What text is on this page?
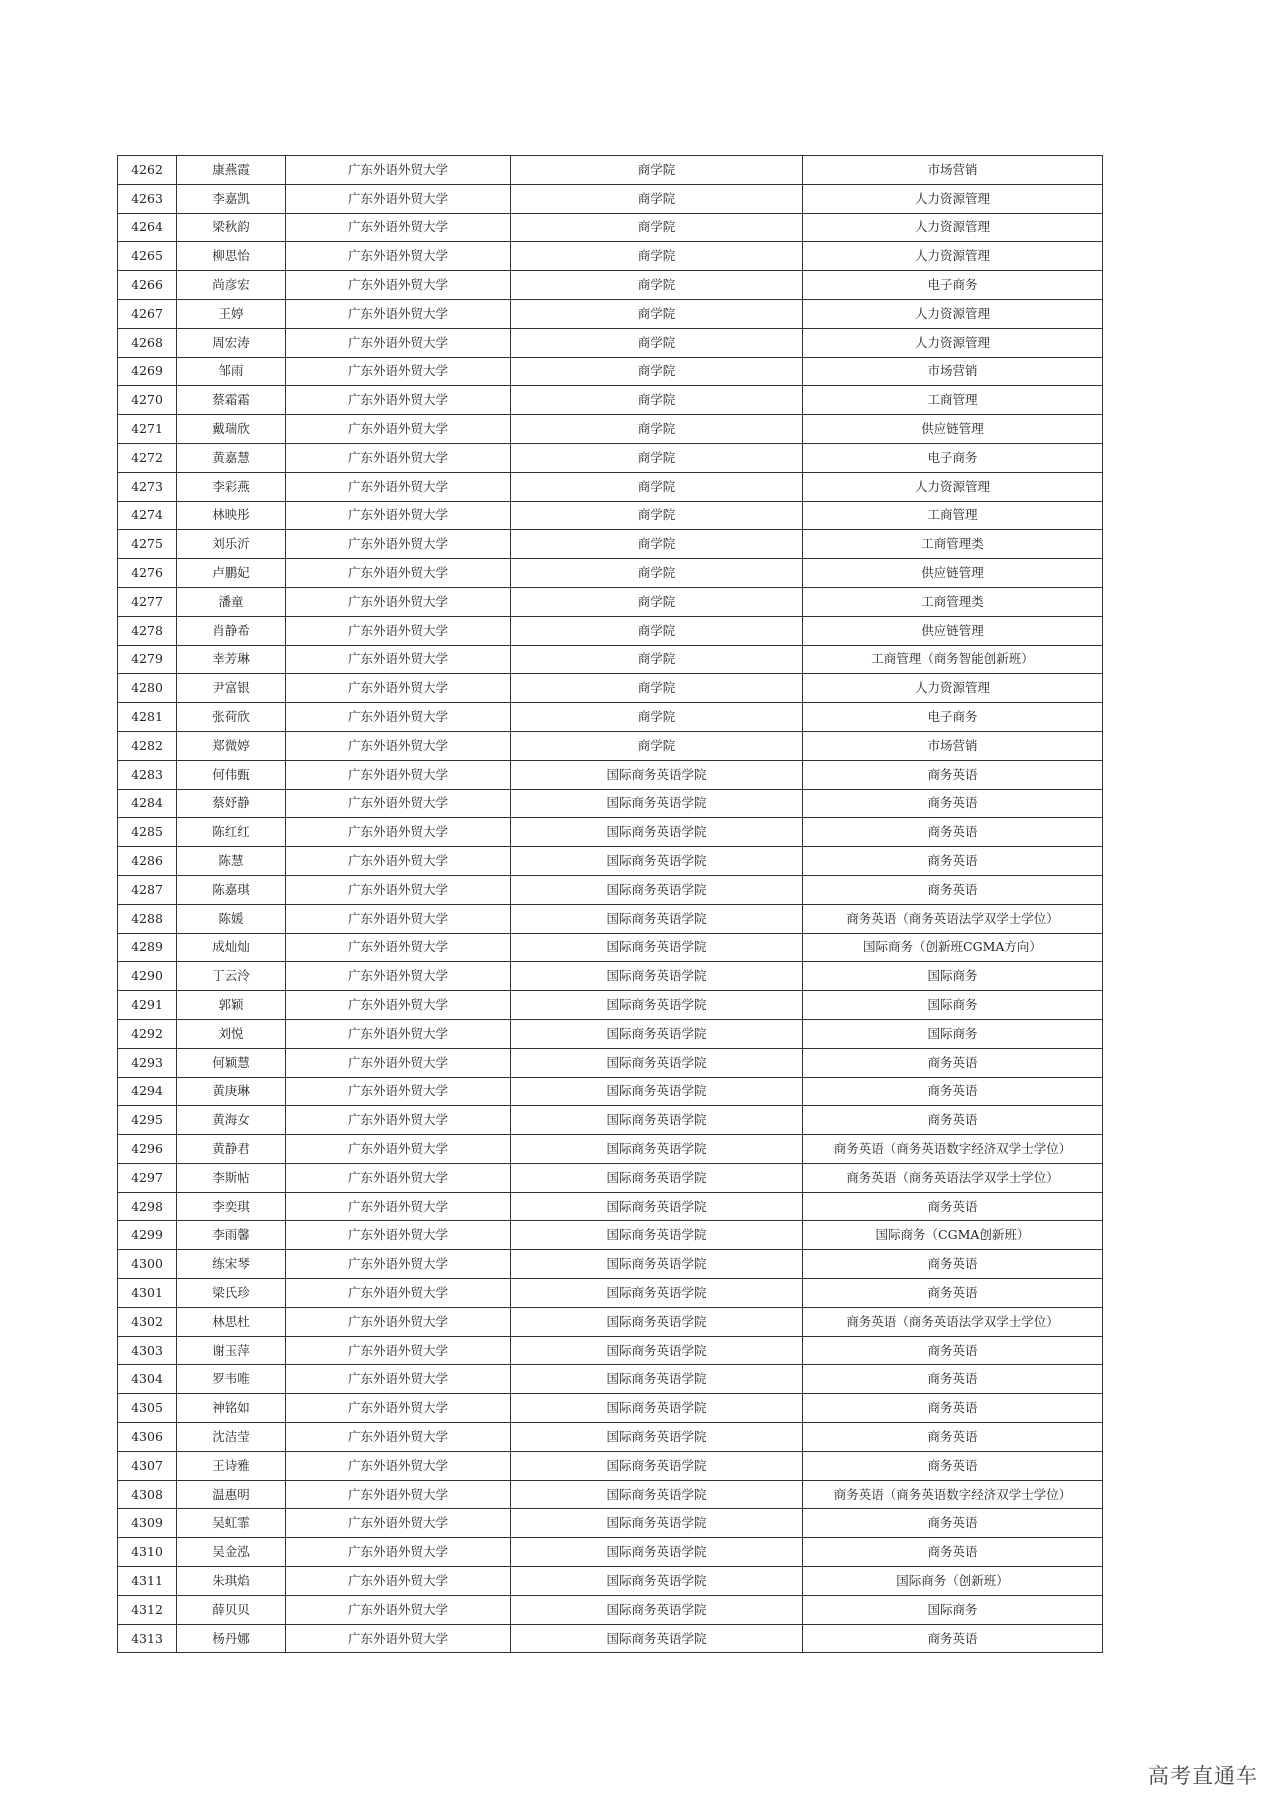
4262	康燕霞	广东外语外贸大学	商学院	市场营销
4263	李嘉凯	广东外语外贸大学	商学院	人力资源管理
4264	梁秋韵	广东外语外贸大学	商学院	人力资源管理
4265	柳思怡	广东外语外贸大学	商学院	人力资源管理
4266	尚彦宏	广东外语外贸大学	商学院	电子商务
4267	王婷	广东外语外贸大学	商学院	人力资源管理
4268	周宏涛	广东外语外贸大学	商学院	人力资源管理
4269	邹雨	广东外语外贸大学	商学院	市场营销
4270	蔡霜霜	广东外语外贸大学	商学院	工商管理
4271	戴瑞欣	广东外语外贸大学	商学院	供应链管理
4272	黄嘉慧	广东外语外贸大学	商学院	电子商务
4273	李彩燕	广东外语外贸大学	商学院	人力资源管理
4274	林映彤	广东外语外贸大学	商学院	工商管理
4275	刘乐沂	广东外语外贸大学	商学院	工商管理类
4276	卢鹏妃	广东外语外贸大学	商学院	供应链管理
4277	潘童	广东外语外贸大学	商学院	工商管理类
4278	肖静希	广东外语外贸大学	商学院	供应链管理
4279	幸芳琳	广东外语外贸大学	商学院	工商管理（商务智能创新班）
4280	尹富银	广东外语外贸大学	商学院	人力资源管理
4281	张荷欣	广东外语外贸大学	商学院	电子商务
4282	郑微婷	广东外语外贸大学	商学院	市场营销
4283	何伟甄	广东外语外贸大学	国际商务英语学院	商务英语
4284	蔡妤静	广东外语外贸大学	国际商务英语学院	商务英语
4285	陈红红	广东外语外贸大学	国际商务英语学院	商务英语
4286	陈慧	广东外语外贸大学	国际商务英语学院	商务英语
4287	陈嘉琪	广东外语外贸大学	国际商务英语学院	商务英语
4288	陈媛	广东外语外贸大学	国际商务英语学院	商务英语（商务英语法学双学士学位）
4289	成灿灿	广东外语外贸大学	国际商务英语学院	国际商务（创新班CGMA方向）
4290	丁云泠	广东外语外贸大学	国际商务英语学院	国际商务
4291	郭颖	广东外语外贸大学	国际商务英语学院	国际商务
4292	刘悦	广东外语外贸大学	国际商务英语学院	国际商务
4293	何颖慧	广东外语外贸大学	国际商务英语学院	商务英语
4294	黄庚琳	广东外语外贸大学	国际商务英语学院	商务英语
4295	黄海女	广东外语外贸大学	国际商务英语学院	商务英语
4296	黄静君	广东外语外贸大学	国际商务英语学院	商务英语（商务英语数字经济双学士学位）
4297	李斯帖	广东外语外贸大学	国际商务英语学院	商务英语（商务英语法学双学士学位）
4298	李奕琪	广东外语外贸大学	国际商务英语学院	商务英语
4299	李雨馨	广东外语外贸大学	国际商务英语学院	国际商务（CGMA创新班）
4300	练宋琴	广东外语外贸大学	国际商务英语学院	商务英语
4301	梁氏珍	广东外语外贸大学	国际商务英语学院	商务英语
4302	林思杜	广东外语外贸大学	国际商务英语学院	商务英语（商务英语法学双学士学位）
4303	谢玉萍	广东外语外贸大学	国际商务英语学院	商务英语
4304	罗韦唯	广东外语外贸大学	国际商务英语学院	商务英语
4305	神铭如	广东外语外贸大学	国际商务英语学院	商务英语
4306	沈洁莹	广东外语外贸大学	国际商务英语学院	商务英语
4307	王诗雅	广东外语外贸大学	国际商务英语学院	商务英语
4308	温惠明	广东外语外贸大学	国际商务英语学院	商务英语（商务英语数字经济双学士学位）
4309	吴虹霏	广东外语外贸大学	国际商务英语学院	商务英语
4310	吴金泓	广东外语外贸大学	国际商务英语学院	商务英语
4311	朱琪焰	广东外语外贸大学	国际商务英语学院	国际商务（创新班）
4312	薛贝贝	广东外语外贸大学	国际商务英语学院	国际商务
4313	杨丹娜	广东外语外贸大学	国际商务英语学院	商务英语
高考直通车
